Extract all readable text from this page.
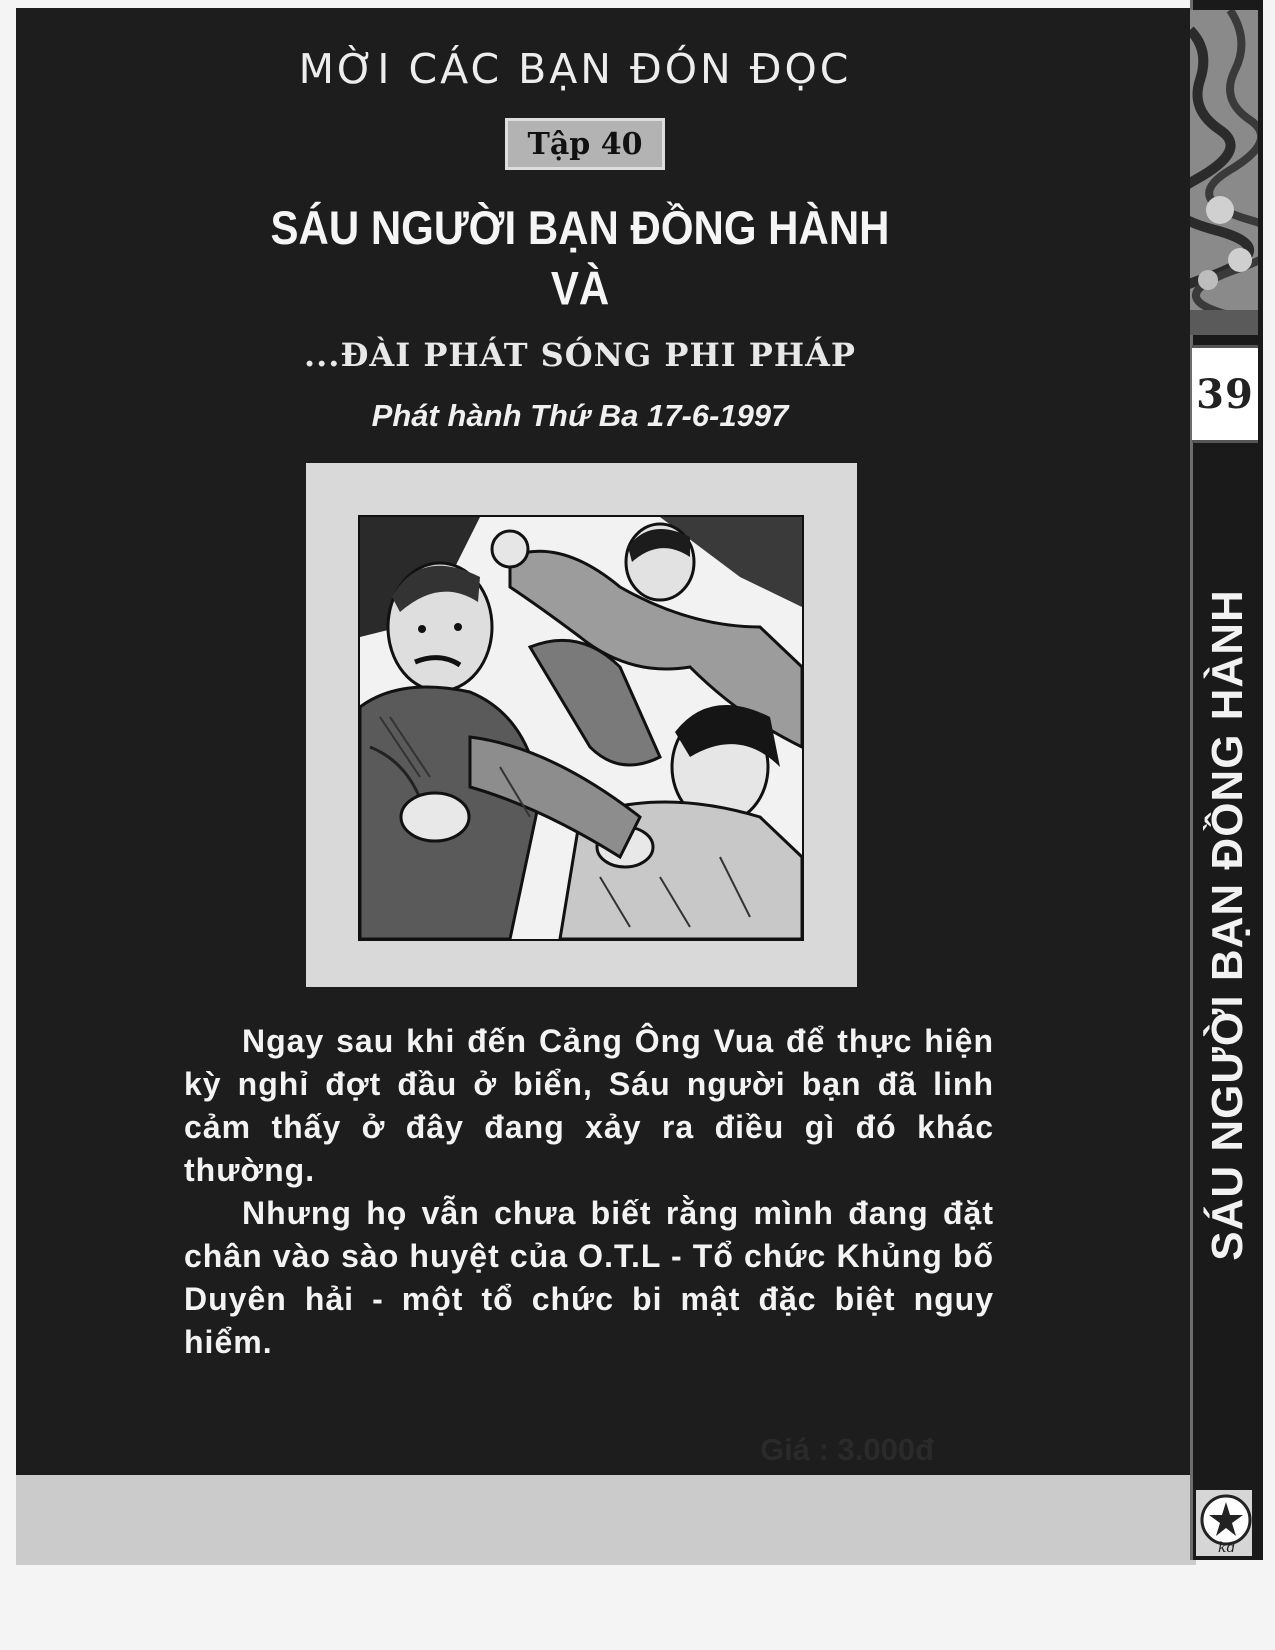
39
SÁU NGƯỜI BẠN ĐỒNG HÀNH
kd
MỜI CÁC BẠN ĐÓN ĐỌC
Tập 40
SÁU NGƯỜI BẠN ĐỒNG HÀNH
VÀ
...ĐÀI PHÁT SÓNG PHI PHÁP
Phát hành Thứ Ba 17-6-1997

Ngay sau khi đến Cảng Ông Vua để thực hiện kỳ nghỉ đợt đầu ở biển, Sáu người bạn đã linh cảm thấy ở đây đang xảy ra điều gì đó khác thường.

Nhưng họ vẫn chưa biết rằng mình đang đặt chân vào sào huyệt của O.T.L - Tổ chức Khủng bố Duyên hải - một tổ chức bi mật đặc biệt nguy hiểm.

Giá : 3.000đ
